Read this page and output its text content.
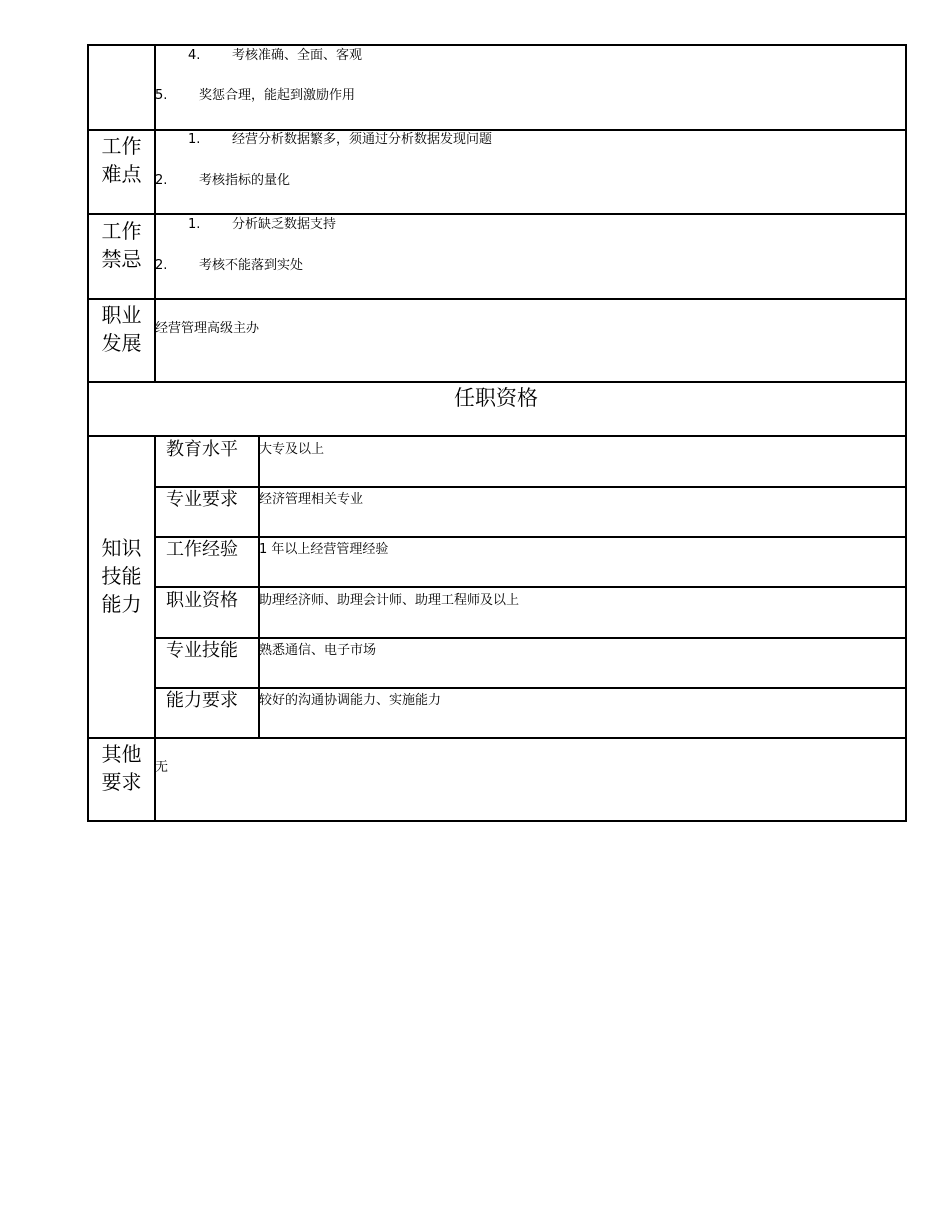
4. 考核准确、全面、客观
5. 奖惩合理，能起到激励作用
工作
难点
1. 经营分析数据繁多，须通过分析数据发现问题
2. 考核指标的量化
工作
禁忌
1. 分析缺乏数据支持
2. 考核不能落到实处
职业
发展
经营管理高级主办
任职资格
知识
技能
能力
教育水平 大专及以上
专业要求 经济管理相关专业
工作经验 1 年以上经营管理经验
职业资格 助理经济师、助理会计师、助理工程师及以上
专业技能 熟悉通信、电子市场
能力要求 较好的沟通协调能力、实施能力
其他
要求
无
